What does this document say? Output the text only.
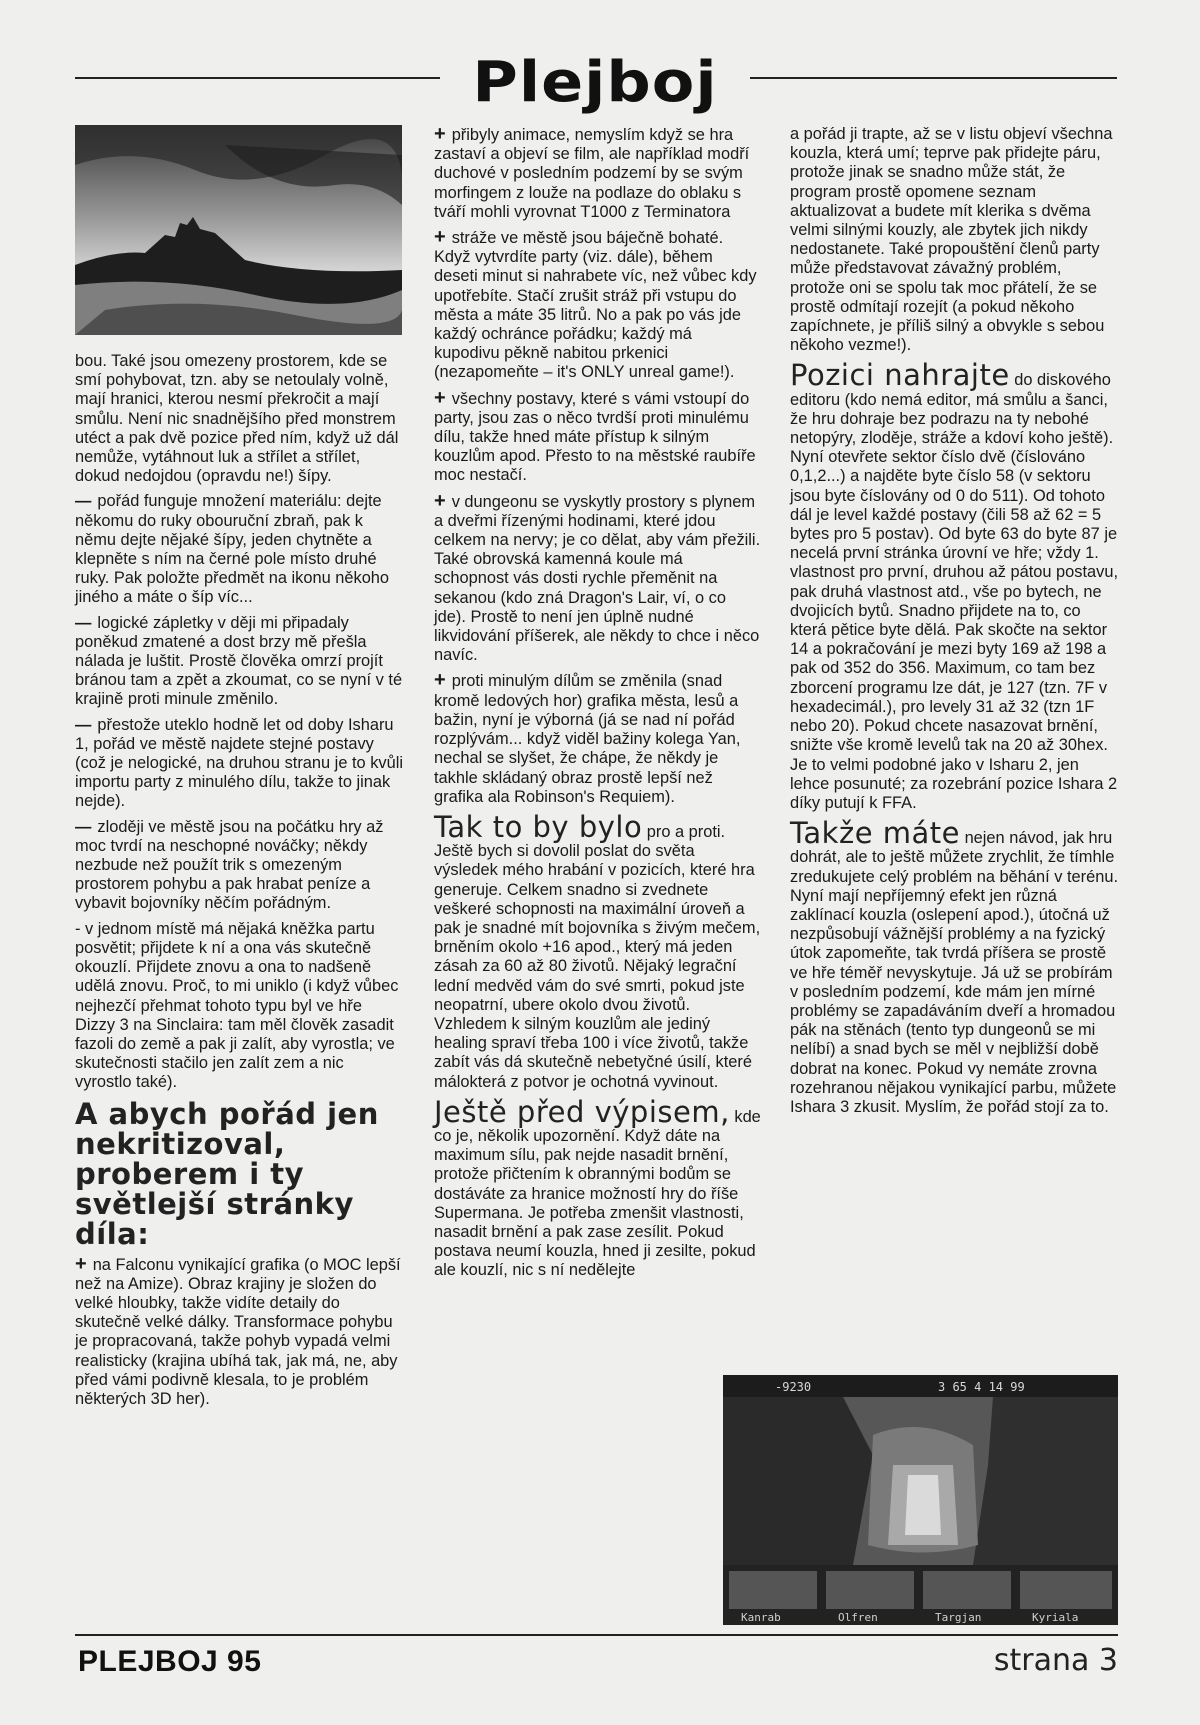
Plejboj

bou. Také jsou omezeny prostorem, kde se smí pohybovat, tzn. aby se netoulaly volně, mají hranici, kterou nesmí překročit a mají smůlu. Není nic snadnějšího před monstrem utéct a pak dvě pozice před ním, když už dál nemůže, vytáhnout luk a střílet a střílet, dokud nedojdou (opravdu ne!) šípy.

— pořád funguje množení materiálu: dejte někomu do ruky obouruční zbraň, pak k němu dejte nějaké šípy, jeden chytněte a klepněte s ním na černé pole místo druhé ruky. Pak položte předmět na ikonu někoho jiného a máte o šíp víc...

— logické zápletky v ději mi připadaly poněkud zmatené a dost brzy mě přešla nálada je luštit. Prostě člověka omrzí projít bránou tam a zpět a zkoumat, co se nyní v té krajině proti minule změnilo.

— přestože uteklo hodně let od doby Isharu 1, pořád ve městě najdete stejné postavy (což je nelogické, na druhou stranu je to kvůli importu party z minulého dílu, takže to jinak nejde).

— zloději ve městě jsou na počátku hry až moc tvrdí na neschopné nováčky; někdy nezbude než použít trik s omezeným prostorem pohybu a pak hrabat peníze a vybavit bojovníky něčím pořádným.

- v jednom místě má nějaká kněžka partu posvětit; přijdete k ní a ona vás skutečně okouzlí. Přijdete znovu a ona to nadšeně udělá znovu. Proč, to mi uniklo (i když vůbec nejhezčí přehmat tohoto typu byl ve hře Dizzy 3 na Sinclaira: tam měl člověk zasadit fazoli do země a pak ji zalít, aby vyrostla; ve skutečnosti stačilo jen zalít zem a nic vyrostlo také).

A abych pořád jen nekritizoval, proberem i ty světlejší stránky díla:

+ na Falconu vynikající grafika (o MOC lepší než na Amize). Obraz krajiny je složen do velké hloubky, takže vidíte detaily do skutečně velké dálky. Transformace pohybu je propracovaná, takže pohyb vypadá velmi realisticky (krajina ubíhá tak, jak má, ne, aby před vámi podivně klesala, to je problém některých 3D her).

+ přibyly animace, nemyslím když se hra zastaví a objeví se film, ale například modří duchové v posledním podzemí by se svým morfingem z louže na podlaze do oblaku s tváří mohli vyrovnat T1000 z Terminatora

+ stráže ve městě jsou báječně bohaté. Když vytvrdíte party (viz. dále), během deseti minut si nahrabete víc, než vůbec kdy upotřebíte. Stačí zrušit stráž při vstupu do města a máte 35 litrů. No a pak po vás jde každý ochránce pořádku; každý má kupodivu pěkně nabitou prkenici (nezapomeňte – it's ONLY unreal game!).

+ všechny postavy, které s vámi vstoupí do party, jsou zas o něco tvrdší proti minulému dílu, takže hned máte přístup k silným kouzlům apod. Přesto to na městské raubíře moc nestačí.

+ v dungeonu se vyskytly prostory s plynem a dveřmi řízenými hodinami, které jdou celkem na nervy; je co dělat, aby vám přežili. Také obrovská kamenná koule má schopnost vás dosti rychle přeměnit na sekanou (kdo zná Dragon's Lair, ví, o co jde). Prostě to není jen úplně nudné likvidování příšerek, ale někdy to chce i něco navíc.

+ proti minulým dílům se změnila (snad kromě ledových hor) grafika města, lesů a bažin, nyní je výborná (já se nad ní pořád rozplývám... když viděl bažiny kolega Yan, nechal se slyšet, že chápe, že někdy je takhle skládaný obraz prostě lepší než grafika ala Robinson's Requiem).

Tak to by bylo pro a proti. Ještě bych si dovolil poslat do světa výsledek mého hrabání v pozicích, které hra generuje. Celkem snadno si zvednete veškeré schopnosti na maximální úroveň a pak je snadné mít bojovníka s živým mečem, brněním okolo +16 apod., který má jeden zásah za 60 až 80 životů. Nějaký legrační lední medvěd vám do své smrti, pokud jste neopatrní, ubere okolo dvou životů. Vzhledem k silným kouzlům ale jediný healing spraví třeba 100 i více životů, takže zabít vás dá skutečně nebetyčné úsilí, které málokterá z potvor je ochotná vyvinout.

Ještě před výpisem, kde co je, několik upozornění. Když dáte na maximum sílu, pak nejde nasadit brnění, protože přičtením k obrannými bodům se dostáváte za hranice možností hry do říše Supermana. Je potřeba zmenšit vlastnosti, nasadit brnění a pak zase zesílit. Pokud postava neumí kouzla, hned ji zesilte, pokud ale kouzlí, nic s ní nedělejte

a pořád ji trapte, až se v listu objeví všechna kouzla, která umí; teprve pak přidejte páru, protože jinak se snadno může stát, že program prostě opomene seznam aktualizovat a budete mít klerika s dvěma velmi silnými kouzly, ale zbytek jich nikdy nedostanete. Také propouštění členů party může představovat závažný problém, protože oni se spolu tak moc přátelí, že se prostě odmítají rozejít (a pokud někoho zapíchnete, je příliš silný a obvykle s sebou někoho vezme!).

Pozici nahrajte do diskového editoru (kdo nemá editor, má smůlu a šanci, že hru dohraje bez podrazu na ty nebohé netopýry, zloděje, stráže a kdoví koho ještě). Nyní otevřete sektor číslo dvě (číslováno 0,1,2...) a najděte byte číslo 58 (v sektoru jsou byte číslovány od 0 do 511). Od tohoto dál je level každé postavy (čili 58 až 62 = 5 bytes pro 5 postav). Od byte 63 do byte 87 je necelá první stránka úrovní ve hře; vždy 1. vlastnost pro první, druhou až pátou postavu, pak druhá vlastnost atd., vše po bytech, ne dvojicích bytů. Snadno přijdete na to, co která pětice byte dělá. Pak skočte na sektor 14 a pokračování je mezi byty 169 až 198 a pak od 352 do 356. Maximum, co tam bez zborcení programu lze dát, je 127 (tzn. 7F v hexadecimál.), pro levely 31 až 32 (tzn 1F nebo 20). Pokud chcete nasazovat brnění, snižte vše kromě levelů tak na 20 až 30hex. Je to velmi podobné jako v Isharu 2, jen lehce posunuté; za rozebrání pozice Ishara 2 díky putují k FFA.

Takže máte nejen návod, jak hru dohrát, ale to ještě můžete zrychlit, že tímhle zredukujete celý problém na běhání v terénu. Nyní mají nepříjemný efekt jen různá zaklínací kouzla (oslepení apod.), útočná už nezpůsobují vážnější problémy a na fyzický útok zapomeňte, tak tvrdá příšera se prostě ve hře téměř nevyskytuje. Já už se probírám v posledním podzemí, kde mám jen mírné problémy se zapadáváním dveří a hromadou pák na stěnách (tento typ dungeonů se mi nelíbí) a snad bych se měl v nejbližší době dobrat na konec. Pokud vy nemáte zrovna rozehranou nějakou vynikající parbu, můžete Ishara 3 zkusit. Myslím, že pořád stojí za to.

-9230	3 65 4 14 99
Kanrab	Olfren	Targjan	Kyriala
PLEJBOJ 95	strana 3
